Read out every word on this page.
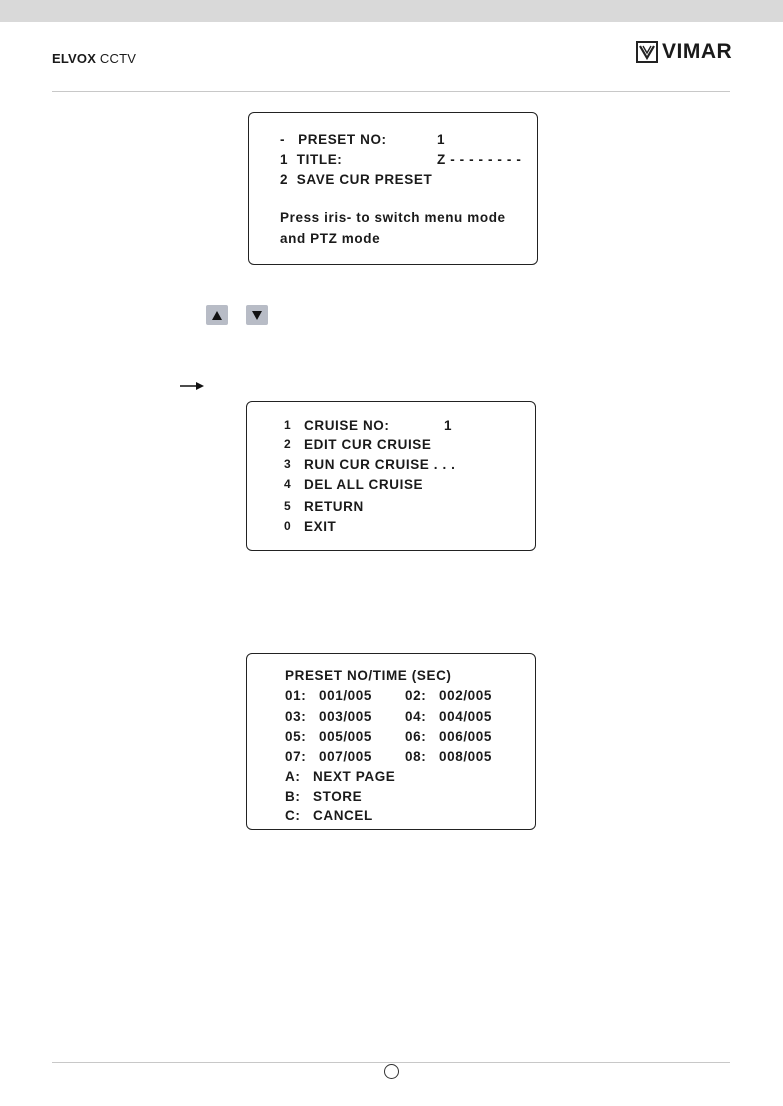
ELVOX CCTV	VIMAR
-   PRESET NO:	1
1  TITLE:	Z - - - - - - - -
2  SAVE CUR PRESET
Press iris- to switch menu mode
and PTZ mode
1 CRUISE NO:	1
2 EDIT CUR CRUISE
3 RUN CUR CRUISE . . .
4 DEL ALL CRUISE
5 RETURN
0 EXIT
PRESET NO/TIME (SEC)
01: 001/005 02: 002/005
03: 003/005 04: 004/005
05: 005/005 06: 006/005
07: 007/005 08: 008/005
A: NEXT PAGE
B: STORE
C: CANCEL
